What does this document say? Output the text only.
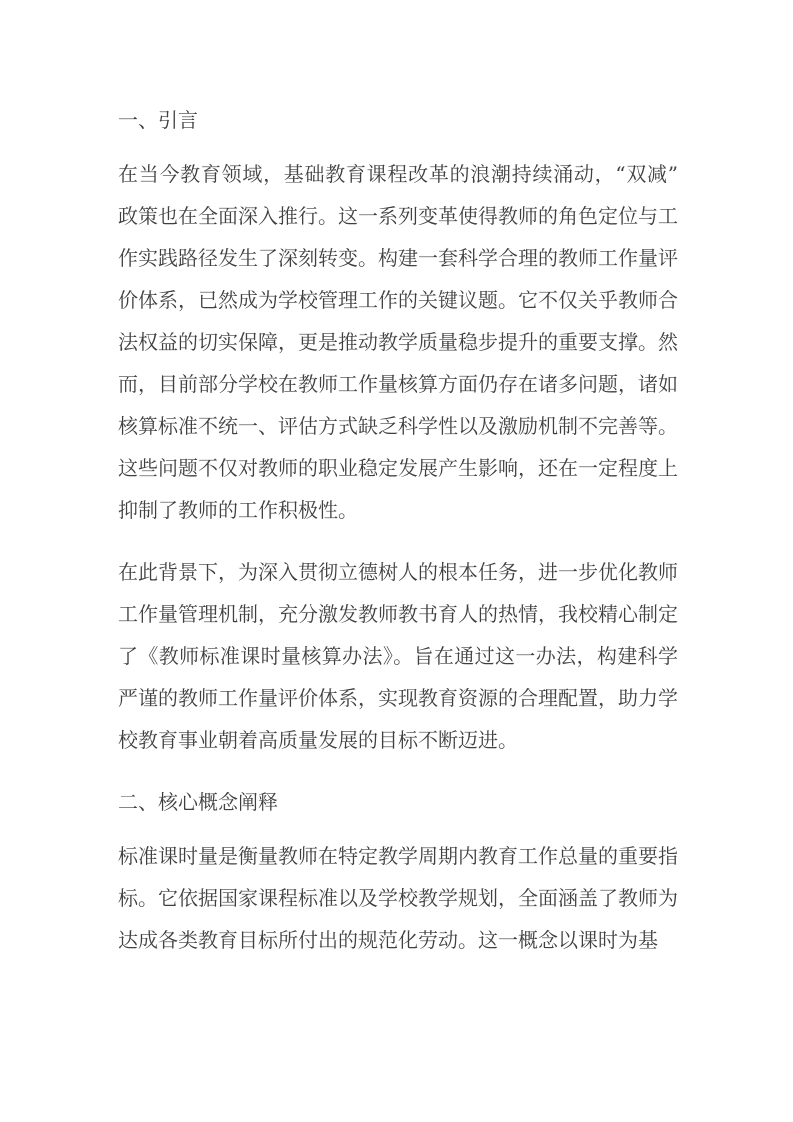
一、引言

在当今教育领域，基础教育课程改革的浪潮持续涌动，“双减”政策也在全面深入推行。这一系列变革使得教师的角色定位与工作实践路径发生了深刻转变。构建一套科学合理的教师工作量评价体系，已然成为学校管理工作的关键议题。它不仅关乎教师合法权益的切实保障，更是推动教学质量稳步提升的重要支撑。然而，目前部分学校在教师工作量核算方面仍存在诸多问题，诸如核算标准不统一、评估方式缺乏科学性以及激励机制不完善等。这些问题不仅对教师的职业稳定发展产生影响，还在一定程度上抑制了教师的工作积极性。

在此背景下，为深入贯彻立德树人的根本任务，进一步优化教师工作量管理机制，充分激发教师教书育人的热情，我校精心制定了《教师标准课时量核算办法》。旨在通过这一办法，构建科学严谨的教师工作量评价体系，实现教育资源的合理配置，助力学校教育事业朝着高质量发展的目标不断迈进。

二、核心概念阐释

标准课时量是衡量教师在特定教学周期内教育工作总量的重要指标。它依据国家课程标准以及学校教学规划，全面涵盖了教师为达成各类教育目标所付出的规范化劳动。这一概念以课时为基
